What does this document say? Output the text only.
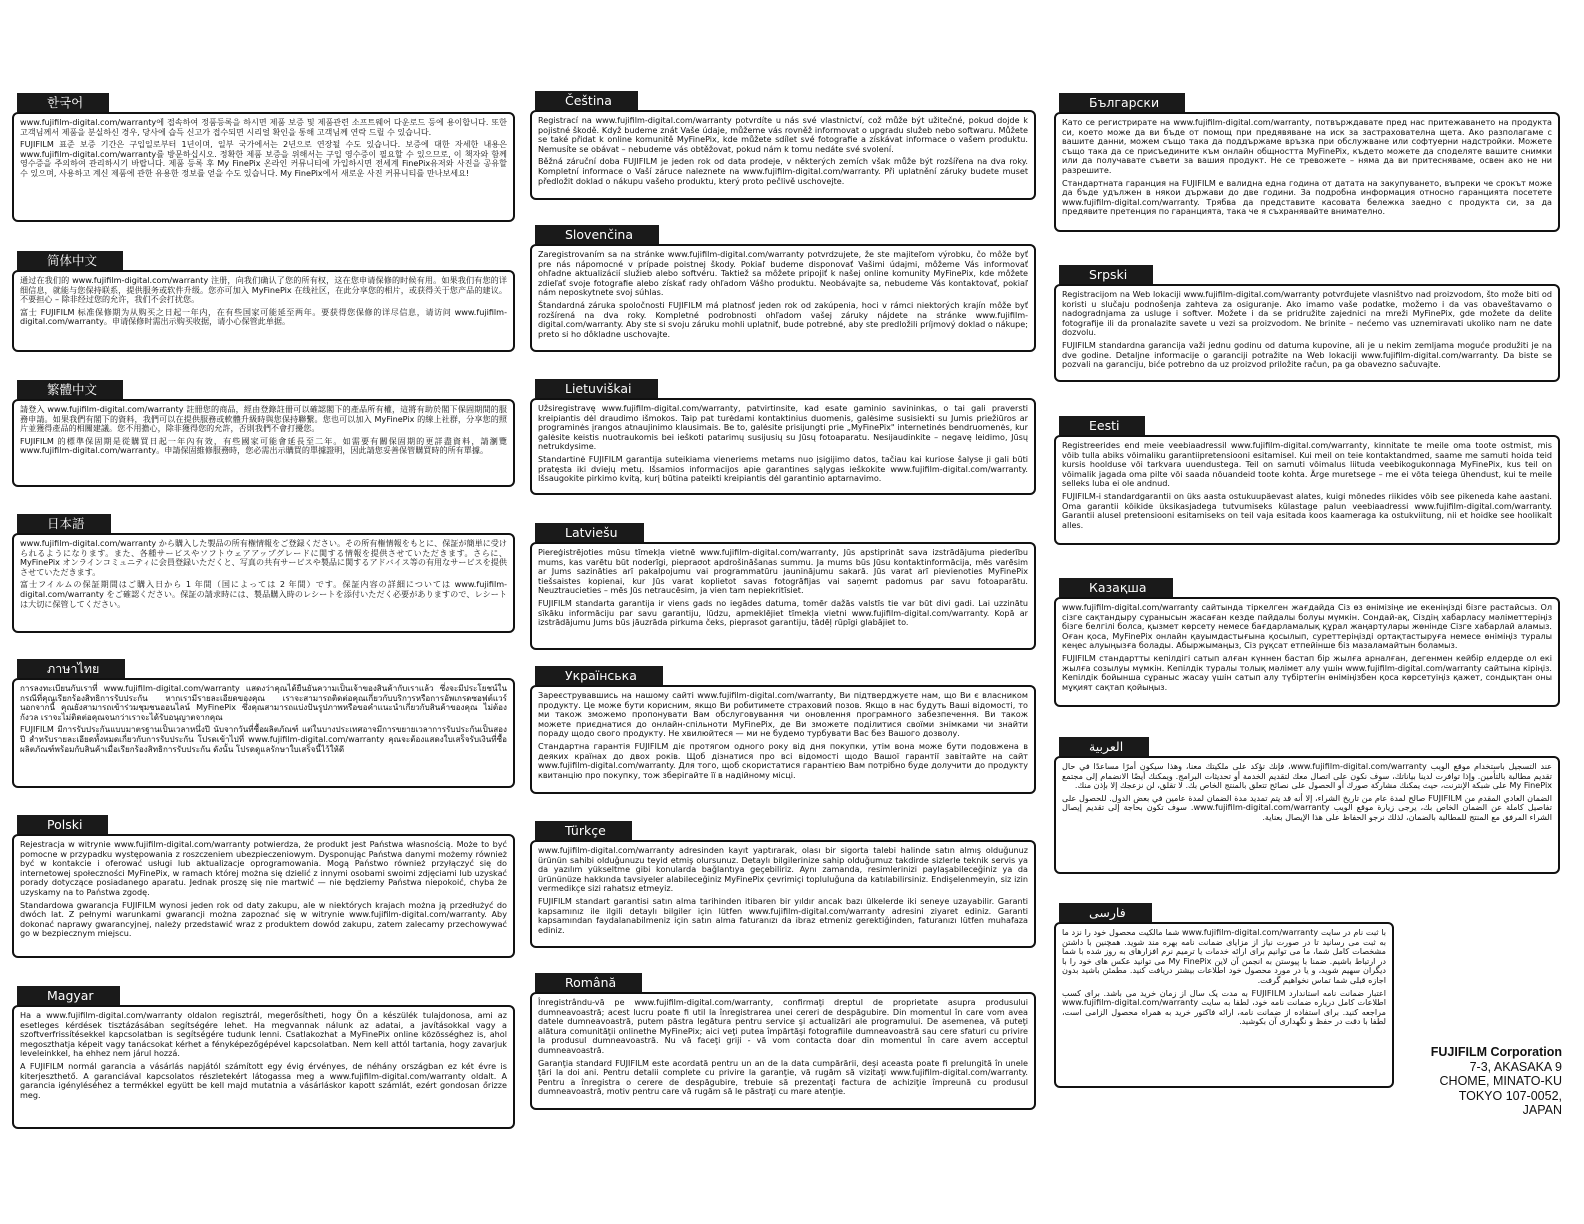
한국어

www.fujifilm-digital.com/warranty에 접속하여 정품등록을 하시면 제품 보증 및 제품관련 소프트웨어 다운로드 등에 용이합니다. 또한 고객님께서 제품을 분실하신 경우, 당사에 습득 신고가 접수되면 시리얼 확인을 통해 고객님께 연락 드릴 수 있습니다.

FUJIFILM 표준 보증 기간은 구입일로부터 1년이며, 일부 국가에서는 2년으로 연장될 수도 있습니다. 보증에 대한 자세한 내용은 www.fujifilm-digital.com/warranty를 방문하십시오. 정확한 제품 보증을 위해서는 구입 영수증이 필요할 수 있으므로, 이 책자와 함께 영수증을 주의하여 관리하시기 바랍니다. 제품 등록 후 My FinePix 온라인 커뮤니티에 가입하시면 전세계 FinePix유저와 사진을 공유할 수 있으며, 사용하고 계신 제품에 관한 유용한 정보를 얻을 수도 있습니다. My FinePix에서 새로운 사진 커뮤니티를 만나보세요!

简体中文

通过在我们的 www.fujifilm-digital.com/warranty 注册，向我们确认了您的所有权，这在您申请保修的时候有用。如果我们有您的详细信息，就能与您保持联系，提供服务或软件升级。您亦可加入 MyFinePix 在线社区，在此分享您的相片，或获得关于您产品的建议。不要担心 – 除非经过您的允许，我们不会打扰您。

富士 FUJIFILM 标准保修期为从购买之日起一年内，在有些国家可能延至两年。要获得您保修的详尽信息，请访问 www.fujifilm-digital.com/warranty。申请保修时需出示购买收据，请小心保管此单据。

繁體中文

請登入 www.fujifilm-digital.com/warranty 註冊您的商品，經由登錄註冊可以確認閣下的產品所有權，這將有助於閣下保固期間的服務申請。如果我們有閣下的資料，我們可以在提供服務或軟體升級時與您保持聯繫。您也可以加入 MyFinePix 的線上社群，分享您的照片並獲得產品的相關建議。您不用擔心，除非獲得您的允許，否則我們不會打擾您。

FUJIFILM 的標準保固期是從購買日起一年內有效，有些國家可能會延長至二年。如需要有關保固期的更詳盡資料，請瀏覽 www.fujifilm-digital.com/warranty。申請保固維修服務時，您必需出示購買的單據證明，因此請您妥善保管購買時的所有單據。

日本語

www.fujifilm-digital.com/warranty から購入した製品の所有権情報をご登録ください。その所有権情報をもとに、保証が簡単に受けられるようになります。また、各種サービスやソフトウェアアップグレードに関する情報を提供させていただきます。さらに、MyFinePix オンラインコミュニティに会員登録いただくと、写真の共有サービスや製品に関するアドバイス等の有用なサービスを提供させていただきます。

富士フイルムの保証期間はご購入日から 1 年間（国によっては 2 年間）です。保証内容の詳細については www.fujifilm-digital.com/warranty をご確認ください。保証の請求時には、製品購入時のレシートを添付いただく必要がありますので、レシートは大切に保管してください。

ภาษาไทย

การลงทะเบียนกับเราที่ www.fujifilm-digital.com/warranty แสดงว่าคุณได้ยืนยันความเป็นเจ้าของสินค้ากับเราแล้ว ซึ่งจะมีประโยชน์ในกรณีที่คุณเรียกร้องสิทธิการรับประกัน หากเรามีรายละเอียดของคุณ เราจะสามารถติดต่อคุณเกี่ยวกับบริการหรือการอัพเกรดซอฟต์แวร์ นอกจากนี้ คุณยังสามารถเข้าร่วมชุมชนออนไลน์ MyFinePix ซึ่งคุณสามารถแบ่งปันรูปภาพหรือขอคำแนะนำเกี่ยวกับสินค้าของคุณ ไม่ต้องกังวล เราจะไม่ติดต่อคุณจนกว่าเราจะได้รับอนุญาตจากคุณ

FUJIFILM มีการรับประกันแบบมาตรฐานเป็นเวลาหนึ่งปี นับจากวันที่ซื้อผลิตภัณฑ์ แต่ในบางประเทศอาจมีการขยายเวลาการรับประกันเป็นสองปี สำหรับรายละเอียดทั้งหมดเกี่ยวกับการรับประกัน โปรดเข้าไปที่ www.fujifilm-digital.com/warranty คุณจะต้องแสดงใบเสร็จรับเงินที่ซื้อผลิตภัณฑ์พร้อมกับสินค้าเมื่อเรียกร้องสิทธิการรับประกัน ดังนั้น โปรดดูแลรักษาใบเสร็จนี้ไว้ให้ดี

Polski

Rejestracja w witrynie www.fujifilm-digital.com/warranty potwierdza, że produkt jest Państwa własnością. Może to być pomocne w przypadku występowania z roszczeniem ubezpieczeniowym. Dysponując Państwa danymi możemy również być w kontakcie i oferować usługi lub aktualizacje oprogramowania. Mogą Państwo również przyłączyć się do internetowej społeczności MyFinePix, w ramach której można się dzielić z innymi osobami swoimi zdjęciami lub uzyskać porady dotyczące posiadanego aparatu. Jednak proszę się nie martwić — nie będziemy Państwa niepokoić, chyba że uzyskamy na to Państwa zgodę.

Standardowa gwarancja FUJIFILM wynosi jeden rok od daty zakupu, ale w niektórych krajach można ją przedłużyć do dwóch lat. Z pełnymi warunkami gwarancji można zapoznać się w witrynie www.fujifilm-digital.com/warranty. Aby dokonać naprawy gwarancyjnej, należy przedstawić wraz z produktem dowód zakupu, zatem zalecamy przechowywać go w bezpiecznym miejscu.

Magyar

Ha a www.fujifilm-digital.com/warranty oldalon regisztrál, megerősítheti, hogy Ön a készülék tulajdonosa, ami az esetleges kérdések tisztázásában segítségére lehet. Ha megvannak nálunk az adatai, a javításokkal vagy a szoftverfrissítésekkel kapcsolatban is segítségére tudunk lenni. Csatlakozhat a MyFinePix online közösséghez is, ahol megoszthatja képeit vagy tanácsokat kérhet a fényképezőgépével kapcsolatban. Nem kell attól tartania, hogy zavarjuk leveleinkkel, ha ehhez nem járul hozzá.

A FUJIFILM normál garancia a vásárlás napjától számított egy évig érvényes, de néhány országban ez két évre is kiterjeszthető. A garanciával kapcsolatos részletekért látogassa meg a www.fujifilm-digital.com/warranty oldalt. A garancia igényléséhez a termékkel együtt be kell majd mutatnia a vásárláskor kapott számlát, ezért gondosan őrizze meg.

Čeština

Registrací na www.fujifilm-digital.com/warranty potvrdíte u nás své vlastnictví, což může být užitečné, pokud dojde k pojistné škodě. Když budeme znát Vaše údaje, můžeme vás rovněž informovat o upgradu služeb nebo softwaru. Můžete se také přidat k online komunitě MyFinePix, kde můžete sdílet své fotografie a získávat informace o vašem produktu. Nemusíte se obávat – nebudeme vás obtěžovat, pokud nám k tomu nedáte své svolení.

Běžná záruční doba FUJIFILM je jeden rok od data prodeje, v některých zemích však může být rozšířena na dva roky. Kompletní informace o Vaší záruce naleznete na www.fujifilm-digital.com/warranty. Při uplatnění záruky budete muset předložit doklad o nákupu vašeho produktu, který proto pečlivě uschovejte.

Slovenčina

Zaregistrovaním sa na stránke www.fujifilm-digital.com/warranty potvrdzujete, že ste majiteľom výrobku, čo môže byť pre nás nápomocné v prípade poistnej škody. Pokiaľ budeme disponovať Vašimi údajmi, môžeme Vás informovať ohľadne aktualizácií služieb alebo softvéru. Taktiež sa môžete pripojiť k našej online komunity MyFinePix, kde môžete zdieľať svoje fotografie alebo získať rady ohľadom Vášho produktu. Neobávajte sa, nebudeme Vás kontaktovať, pokiaľ nám neposkytnete svoj súhlas.

Štandardná záruka spoločnosti FUJIFILM má platnosť jeden rok od zakúpenia, hoci v rámci niektorých krajín môže byť rozšírená na dva roky. Kompletné podrobnosti ohľadom vašej záruky nájdete na stránke www.fujifilm-digital.com/warranty. Aby ste si svoju záruku mohli uplatniť, bude potrebné, aby ste predložili príjmový doklad o nákupe; preto si ho dôkladne uschovajte.

Lietuviškai

Užsiregistravę www.fujifilm-digital.com/warranty, patvirtinsite, kad esate gaminio savininkas, o tai gali praversti kreipiantis dėl draudimo išmokos. Taip pat turėdami kontaktinius duomenis, galėsime susisiekti su Jumis priežiūros ar programinės įrangos atnaujinimo klausimais. Be to, galėsite prisijungti prie „MyFinePix" internetinės bendruomenės, kur galėsite keistis nuotraukomis bei ieškoti patarimų susijusių su Jūsų fotoaparatu. Nesijaudinkite – negavę leidimo, Jūsų netrukdysime.

Standartinė FUJIFILM garantija suteikiama vieneriems metams nuo įsigijimo datos, tačiau kai kuriose šalyse ji gali būti pratęsta iki dviejų metų. Išsamios informacijos apie garantines sąlygas ieškokite www.fujifilm-digital.com/warranty. Išsaugokite pirkimo kvitą, kurį būtina pateikti kreipiantis dėl garantinio aptarnavimo.

Latviešu

Piereģistrējoties mūsu tīmekļa vietnē www.fujifilm-digital.com/warranty, Jūs apstiprināt sava izstrādājuma piederību mums, kas varētu būt noderīgi, piepraσot apdrošināšanas summu. Ja mums būs Jūsu kontaktinformācija, mēs varēsim ar Jums sazināties arī pakalpojumu vai programmatūru jauninājumu sakarā. Jūs varat arī pievienoties MyFinePix tiešsaistes kopienai, kur Jūs varat koplietot savas fotogrāfijas vai saņemt padomus par savu fotoaparātu. Neuztraucieties – mēs Jūs netraucēsim, ja vien tam nepiekritīsiet.

FUJIFILM standarta garantija ir viens gads no iegādes datuma, tomēr dažās valstīs tie var būt divi gadi. Lai uzzinātu sīkāku informāciju par savu garantiju, lūdzu, apmeklējiet tīmekļa vietni www.fujifilm-digital.com/warranty. Kopā ar izstrādājumu Jums būs jāuzrāda pirkuma čeks, pieprasot garantiju, tādēļ rūpīgi glabājiet to.

Українська

Зареєструвавшись на нашому сайті www.fujifilm-digital.com/warranty, Ви підтверджуєте нам, що Ви є власником продукту. Це може бути корисним, якщо Ви робитимете страховий позов. Якщо в нас будуть Ваші відомості, то ми також зможемо пропонувати Вам обслуговування чи оновлення програмного забезпечення. Ви також можете приєднатися до онлайн-спільноти MyFinePix, де Ви зможете поділитися своїми знімками чи знайти пораду щодо свого продукту. Не хвилюйтеся — ми не будемо турбувати Вас без Вашого дозволу.

Стандартна гарантія FUJIFILM діє протягом одного року від дня покупки, утім вона може бути подовжена в деяких країнах до двох років. Щоб дізнатися про всі відомості щодо Вашої гарантії завітайте на сайт www.fujifilm-digital.com/warranty. Для того, щоб скористатися гарантією Вам потрібно буде долучити до продукту квитанцію про покупку, тож зберігайте її в надійному місці.

Türkçe

www.fujifilm-digital.com/warranty adresinden kayıt yaptırarak, olası bir sigorta talebi halinde satın almış olduğunuz ürünün sahibi olduğunuzu teyid etmiş olursunuz. Detaylı bilgilerinize sahip olduğumuz takdirde sizlerle teknik servis ya da yazılım yükseltme gibi konularda bağlantıya geçebiliriz. Aynı zamanda, resimlerinizi paylaşabileceğiniz ya da ürününüze hakkında tavsiyeler alabileceğiniz MyFinePix çevrimiçi topluluğuna da katılabilirsiniz. Endişelenmeyin, siz izin vermedikçe sizi rahatsız etmeyiz.

FUJIFILM standart garantisi satın alma tarihinden itibaren bir yıldır ancak bazı ülkelerde iki seneye uzayabilir. Garanti kapsamınız ile ilgili detaylı bilgiler için lütfen www.fujifilm-digital.com/warranty adresini ziyaret ediniz. Garanti kapsamından faydalanabilmeniz için satın alma faturanızı da ibraz etmeniz gerektiğinden, faturanızı lütfen muhafaza ediniz.

Română

Înregistrându-vă pe www.fujifilm-digital.com/warranty, confirmaţi dreptul de proprietate asupra produsului dumneavoastră; acest lucru poate fi util la înregistrarea unei cereri de despăgubire. Din momentul în care vom avea datele dumneavoastră, putem păstra legătura pentru service şi actualizări ale programului. De asemenea, vă puteţi alătura comunităţii onlinethe MyFinePix; aici veţi putea împărtăşi fotografiile dumneavoastră sau cere sfaturi cu privire la produsul dumneavoastră. Nu vă faceţi griji - vă vom contacta doar din momentul în care avem acceptul dumneavoastră.

Garanţia standard FUJIFILM este acordată pentru un an de la data cumpărării, deşi aceasta poate fi prelungită în unele ţări la doi ani. Pentru detalii complete cu privire la garanţie, vă rugăm să vizitaţi www.fujifilm-digital.com/warranty. Pentru a înregistra o cerere de despăgubire, trebuie să prezentaţi factura de achiziţie împreună cu produsul dumneavoastră, motiv pentru care vă rugăm să le păstraţi cu mare atenţie.

Български

Като се регистрирате на www.fujifilm-digital.com/warranty, потвърждавате пред нас притежаването на продукта си, което може да ви бъде от помощ при предявяване на иск за застрахователна щета. Ако разполагаме с вашите данни, можем също така да поддържаме връзка при обслужване или софтуерни надстройки. Можете също така да се присъедините към онлайн общността MyFinePix, където можете да споделяте вашите снимки или да получавате съвети за вашия продукт. Не се тревожете – няма да ви притесняваме, освен ако не ни разрешите.

Стандартната гаранция на FUJIFILM е валидна една година от датата на закупуването, въпреки че срокът може да бъде удължен в някои държави до две години. За подробна информация относно гаранцията посетете www.fujifilm-digital.com/warranty. Трябва да представите касовата бележка заедно с продукта си, за да предявите претенция по гаранцията, така че я съхранявайте внимателно.

Srpski

Registracijom na Web lokaciji www.fujifilm-digital.com/warranty potvrđujete vlasništvo nad proizvodom, što može biti od koristi u slučaju podnošenja zahteva za osiguranje. Ako imamo vaše podatke, možemo i da vas obaveštavamo o nadogradnjama za usluge i softver. Možete i da se pridružite zajednici na mreži MyFinePix, gde možete da delite fotografije ili da pronalazite savete u vezi sa proizvodom. Ne brinite – nećemo vas uznemiravati ukoliko nam ne date dozvolu.

FUJIFILM standardna garancija važi jednu godinu od datuma kupovine, ali je u nekim zemljama moguće produžiti je na dve godine. Detaljne informacije o garanciji potražite na Web lokaciji www.fujifilm-digital.com/warranty. Da biste se pozvali na garanciju, biće potrebno da uz proizvod priložite račun, pa ga obavezno sačuvajte.

Eesti

Registreerides end meie veebiaadressil www.fujifilm-digital.com/warranty, kinnitate te meile oma toote ostmist, mis võib tulla abiks võimaliku garantiipretensiooni esitamisel. Kui meil on teie kontaktandmed, saame me samuti hoida teid kursis hoolduse või tarkvara uuendustega. Teil on samuti võimalus liituda veebikogukonnaga MyFinePix, kus teil on võimalik jagada oma pilte või saada nõuandeid toote kohta. Ärge muretsege – me ei võta teiega ühendust, kui te meile selleks luba ei ole andnud.

FUJIFILM-i standardgarantii on üks aasta ostukuupäevast alates, kuigi mõnedes riikides võib see pikeneda kahe aastani. Oma garantii kõikide üksikasjadega tutvumiseks külastage palun veebiaadressi www.fujifilm-digital.com/warranty. Garantii alusel pretensiooni esitamiseks on teil vaja esitada koos kaameraga ka ostukviitung, nii et hoidke see hoolikalt alles.

Казақша

www.fujifilm-digital.com/warranty сайтында тіркелген жағдайда Сіз өз өнімізіңе ие екеніңізді бізге растайсыз. Ол сізге сақтандыру сұранысын жасаған кезде пайдалы болуы мүмкін. Сондай-ақ, Сіздің хабарласу мәліметтеріңіз бізге белгілі болса, қызмет көрсету немесе бағдарламалық құрал жаңартулары жөнінде Сізге хабарлай аламыз. Оған қоса, MyFinePix онлайн қауымдастығына қосылып, суреттеріңізді ортақтастыруға немесе өніміңіз туралы кеңес алуыңызға болады. Абыржымаңыз, Сіз рұқсат етпейінше біз мазаламайтын боламыз.

FUJIFILM стандартты кепілдігі сатып алған күннен бастап бір жылға арналған, дегенмен кейбір елдерде ол екі жылға созылуы мүмкін. Кепілдік туралы толық мәлімет алу үшін www.fujifilm-digital.com/warranty сайтына кіріңіз. Кепілдік бойынша сұраныс жасау үшін сатып алу түбіртегін өніміңізбен қоса көрсетуіңіз қажет, сондықтан оны мұқият сақтап қойыңыз.

العربية

عند التسجيل باستخدام موقع الويب www.fujifilm-digital.com/warranty، فإنك تؤكد على ملكيتك معنا، وهذا سيكون أمرًا مساعدًا في حال تقديم مطالبة بالتأمين. وإذا توافرت لدينا بياناتك، سوف نكون على اتصال معك لتقديم الخدمة أو تحديثات البرامج. ويمكنك أيضًا الانضمام إلى مجتمع My FinePix على شبكة الإنترنت، حيث يمكنك مشاركة صورك أو الحصول على نصائح تتعلق بالمنتج الخاص بك. لا تقلق، لن نزعجك إلا بإذن منك.

الضمان العادي المقدم من FUJIFILM صالح لمدة عام من تاريخ الشراء، إلا أنه قد يتم تمديد مدة الضمان لمدة عامين في بعض الدول. للحصول على تفاصيل كاملة عن الضمان الخاص بك، يرجى زيارة موقع الويب www.fujifilm-digital.com/warranty. سوف تكون بحاجة إلى تقديم إيصال الشراء المرفق مع المنتج للمطالبة بالضمان، لذلك نرجو الحفاظ على هذا الإيصال بعناية.

فارسی

با ثبت نام در سایت www.fujifilm-digital.com/warranty شما مالکیت محصول خود را نزد ما به ثبت می رسانید تا در صورت نیاز از مزایای ضمانت نامه بهره مند شوید. همچنین با داشتن مشخصات کامل شما، ما می توانیم برای ارائه خدمات یا ترمیم نرم افزارهای به روز شده با شما در ارتباط باشیم. ضمنا با پیوستن به انجمن آن لاین My FinePix می توانید عکس های خود را با دیگران سهیم شوید، و یا در مورد محصول خود اطلاعات بیشتر دریافت کنید. مطمئن باشید بدون اجازه قبلی شما تماس نخواهیم گرفت.

اعتبار ضمانت نامه استاندارد FUJIFILM به مدت یک سال از زمان خرید می باشد. برای کسب اطلاعات کامل درباره ضمانت نامه خود، لطفا به سایت www.fujifilm-digital.com/warranty مراجعه کنید. برای استفاده از ضمانت نامه، ارائه فاکتور خرید به همراه محصول الزامی است، لطفا با دقت در حفظ و نگهداری آن بکوشید.

FUJIFILM Corporation
7-3, AKASAKA 9
CHOME, MINATO-KU
TOKYO 107-0052,
JAPAN
